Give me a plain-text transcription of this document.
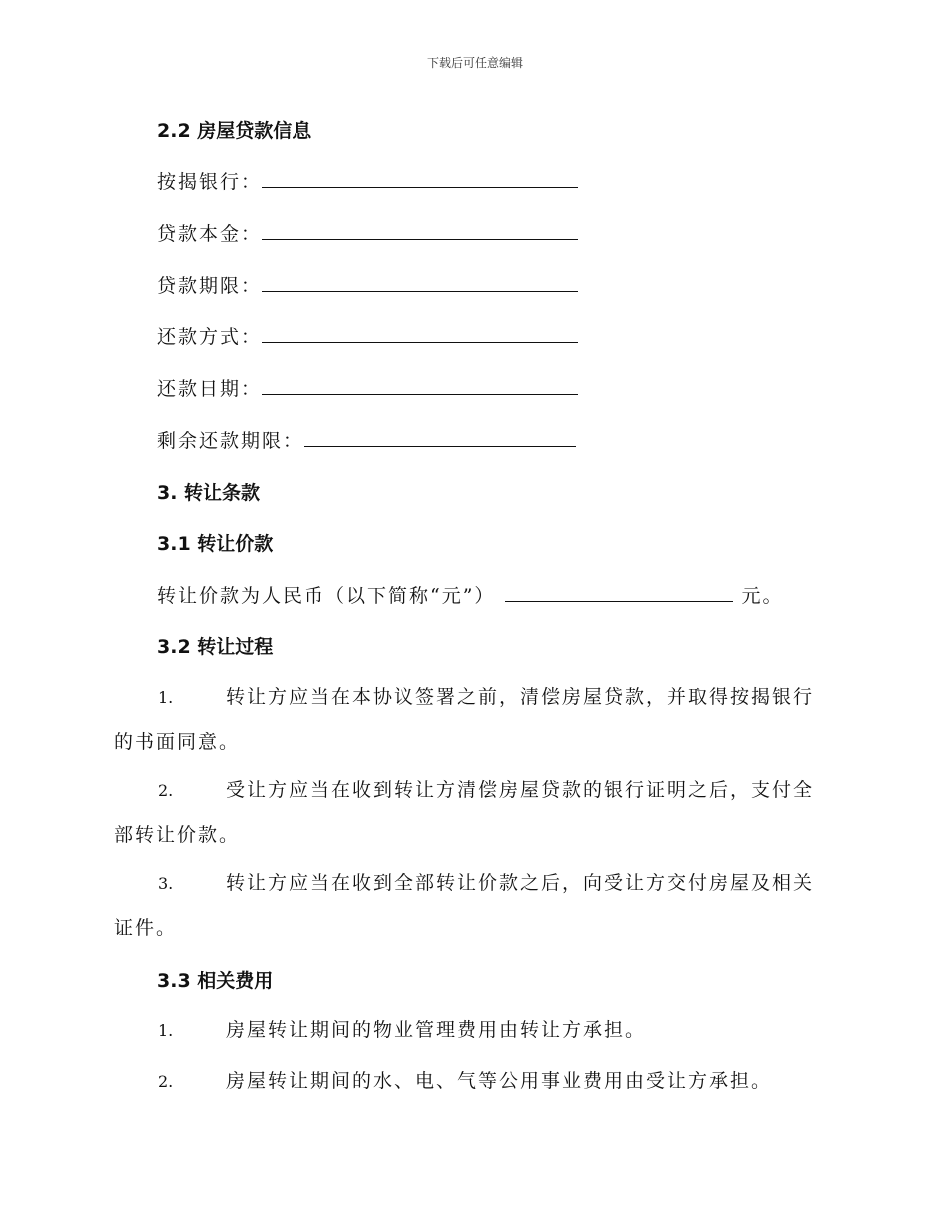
下载后可任意编辑
2.2 房屋贷款信息
按揭银行：
贷款本金：
贷款期限：
还款方式：
还款日期：
剩余还款期限：
3. 转让条款
3.1 转让价款
转让价款为人民币（以下简称“元”）	元。
3.2 转让过程
1.	转让方应当在本协议签署之前，清偿房屋贷款，并取得按揭银行
的书面同意。
2.	受让方应当在收到转让方清偿房屋贷款的银行证明之后，支付全
部转让价款。
3.	转让方应当在收到全部转让价款之后，向受让方交付房屋及相关
证件。
3.3 相关费用
1.	房屋转让期间的物业管理费用由转让方承担。
2.	房屋转让期间的水、电、气等公用事业费用由受让方承担。
